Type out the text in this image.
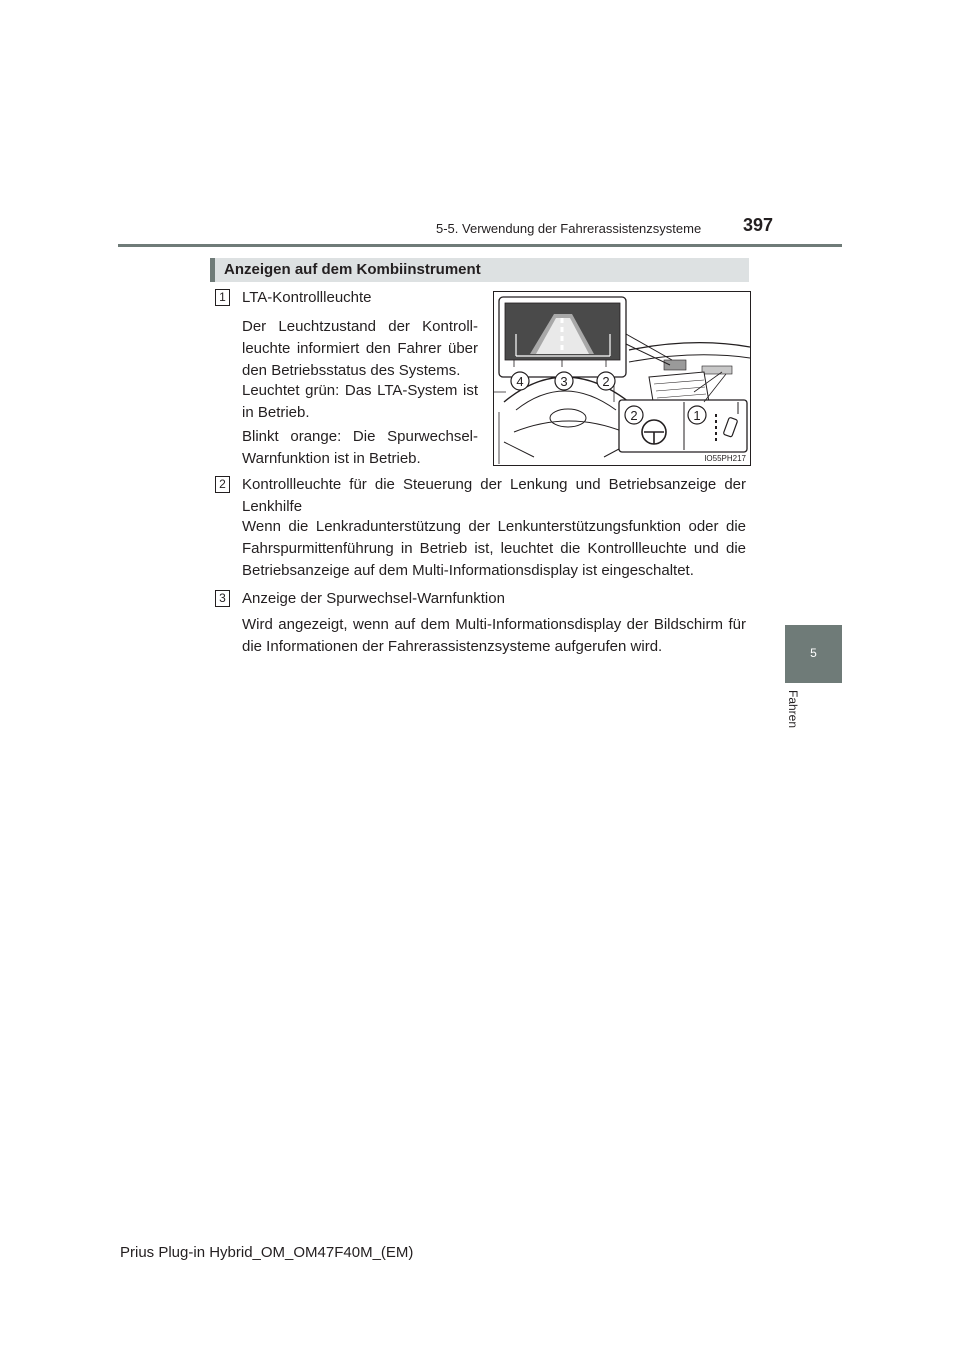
5-5. Verwendung der Fahrerassistenzsysteme 397
5
Fahren
Anzeigen auf dem Kombiinstrument
1 LTA-Kontrollleuchte
Der Leuchtzustand der Kontroll-leuchte informiert den Fahrer über den Betriebsstatus des Systems.
Leuchtet grün: Das LTA-System ist in Betrieb.
Blinkt orange: Die Spurwechsel-Warnfunktion ist in Betrieb.
4	3	2
2	1
IO55PH217
2 Kontrollleuchte für die Steuerung der Lenkung und Betriebsanzeige der Lenkhilfe
Wenn die Lenkradunterstützung der Lenkunterstützungsfunktion oder die Fahrspurmittenführung in Betrieb ist, leuchtet die Kontrollleuchte und die Betriebsanzeige auf dem Multi-Informationsdisplay ist eingeschaltet.
3 Anzeige der Spurwechsel-Warnfunktion
Wird angezeigt, wenn auf dem Multi-Informationsdisplay der Bildschirm für die Informationen der Fahrerassistenzsysteme aufgerufen wird.
Prius Plug-in Hybrid_OM_OM47F40M_(EM)
